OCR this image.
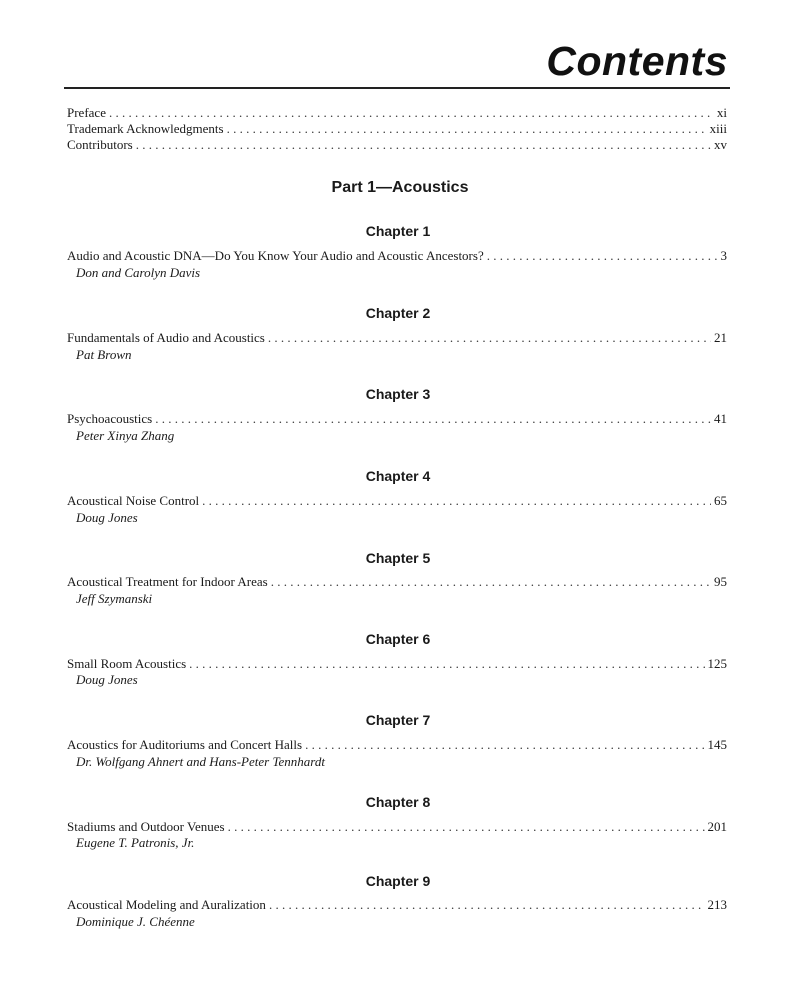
Contents
Preface . . .	xi
Trademark Acknowledgments . . .	xiii
Contributors . . .	xv
Part 1—Acoustics
Chapter 1
Audio and Acoustic DNA—Do You Know Your Audio and Acoustic Ancestors? . . .	3
Don and Carolyn Davis
Chapter 2
Fundamentals of Audio and Acoustics . . .	21
Pat Brown
Chapter 3
Psychoacoustics . . .	41
Peter Xinya Zhang
Chapter 4
Acoustical Noise Control . . .	65
Doug Jones
Chapter 5
Acoustical Treatment for Indoor Areas . . .	95
Jeff Szymanski
Chapter 6
Small Room Acoustics . . .	125
Doug Jones
Chapter 7
Acoustics for Auditoriums and Concert Halls . . .	145
Dr. Wolfgang Ahnert and Hans-Peter Tennhardt
Chapter 8
Stadiums and Outdoor Venues . . .	201
Eugene T. Patronis, Jr.
Chapter 9
Acoustical Modeling and Auralization . . .	213
Dominique J. Chéenne
